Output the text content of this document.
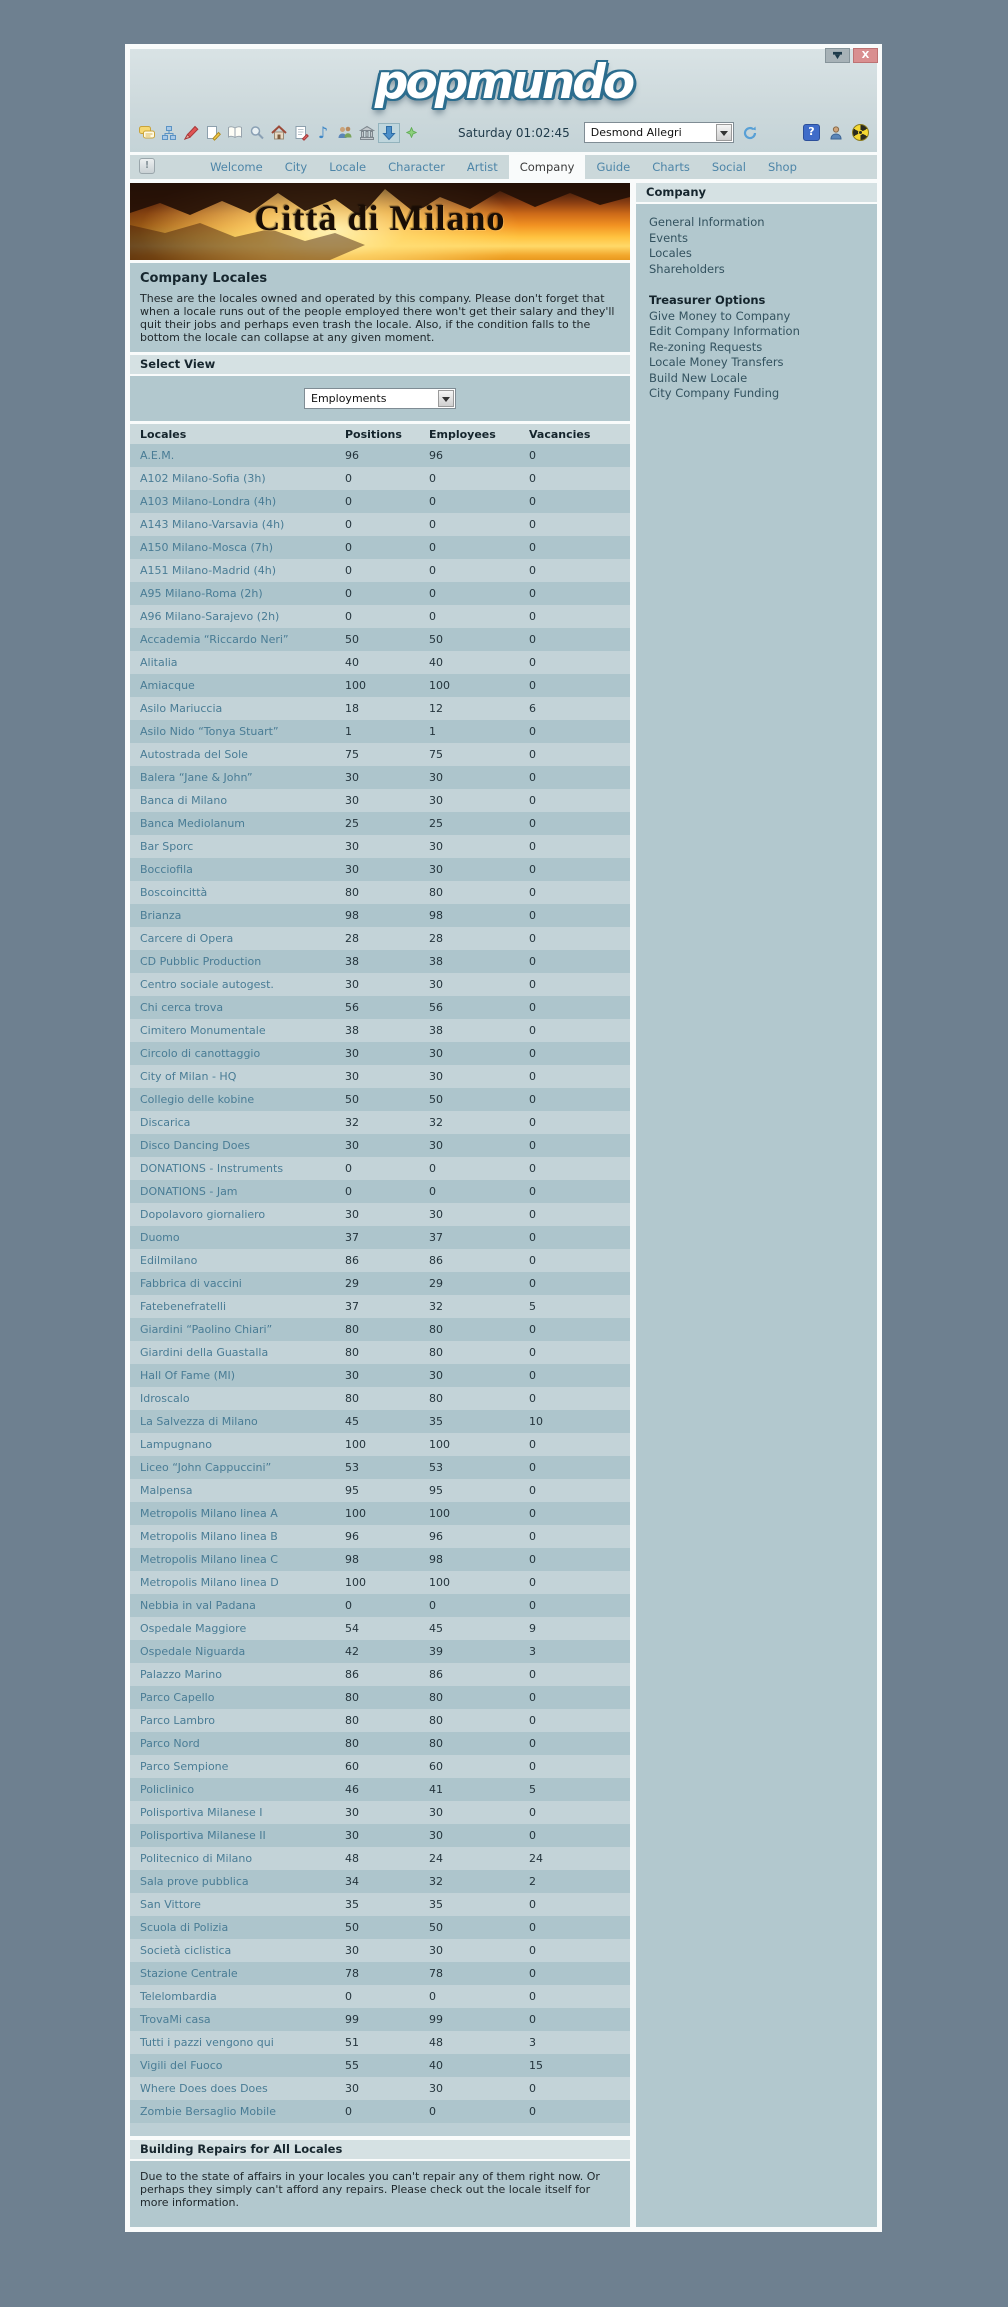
X
popmundo
♪	Saturday 01:02:45	Desmond Allegri	?
!	Welcome	City	Locale	Character	Artist	Company	Guide	Charts	Social	Shop
Città di Milano
Company Locales

These are the locales owned and operated by this company. Please don't forget that when a locale runs out of the people employed there won't get their salary and they'll quit their jobs and perhaps even trash the locale. Also, if the condition falls to the bottom the locale can collapse at any given moment.

Select View
Employments
Locales	Positions	Employees	Vacancies
A.E.M.	96	96	0
A102 Milano-Sofia (3h)	0	0	0
A103 Milano-Londra (4h)	0	0	0
A143 Milano-Varsavia (4h)	0	0	0
A150 Milano-Mosca (7h)	0	0	0
A151 Milano-Madrid (4h)	0	0	0
A95 Milano-Roma (2h)	0	0	0
A96 Milano-Sarajevo (2h)	0	0	0
Accademia “Riccardo Neri”	50	50	0
Alitalia	40	40	0
Amiacque	100	100	0
Asilo Mariuccia	18	12	6
Asilo Nido “Tonya Stuart”	1	1	0
Autostrada del Sole	75	75	0
Balera “Jane & John”	30	30	0
Banca di Milano	30	30	0
Banca Mediolanum	25	25	0
Bar Sporc	30	30	0
Bocciofila	30	30	0
Boscoincittà	80	80	0
Brianza	98	98	0
Carcere di Opera	28	28	0
CD Pubblic Production	38	38	0
Centro sociale autogest.	30	30	0
Chi cerca trova	56	56	0
Cimitero Monumentale	38	38	0
Circolo di canottaggio	30	30	0
City of Milan - HQ	30	30	0
Collegio delle kobine	50	50	0
Discarica	32	32	0
Disco Dancing Does	30	30	0
DONATIONS - Instruments	0	0	0
DONATIONS - Jam	0	0	0
Dopolavoro giornaliero	30	30	0
Duomo	37	37	0
Edilmilano	86	86	0
Fabbrica di vaccini	29	29	0
Fatebenefratelli	37	32	5
Giardini “Paolino Chiari”	80	80	0
Giardini della Guastalla	80	80	0
Hall Of Fame (MI)	30	30	0
Idroscalo	80	80	0
La Salvezza di Milano	45	35	10
Lampugnano	100	100	0
Liceo “John Cappuccini”	53	53	0
Malpensa	95	95	0
Metropolis Milano linea A	100	100	0
Metropolis Milano linea B	96	96	0
Metropolis Milano linea C	98	98	0
Metropolis Milano linea D	100	100	0
Nebbia in val Padana	0	0	0
Ospedale Maggiore	54	45	9
Ospedale Niguarda	42	39	3
Palazzo Marino	86	86	0
Parco Capello	80	80	0
Parco Lambro	80	80	0
Parco Nord	80	80	0
Parco Sempione	60	60	0
Policlinico	46	41	5
Polisportiva Milanese I	30	30	0
Polisportiva Milanese II	30	30	0
Politecnico di Milano	48	24	24
Sala prove pubblica	34	32	2
San Vittore	35	35	0
Scuola di Polizia	50	50	0
Società ciclistica	30	30	0
Stazione Centrale	78	78	0
Telelombardia	0	0	0
TrovaMi casa	99	99	0
Tutti i pazzi vengono qui	51	48	3
Vigili del Fuoco	55	40	15
Where Does does Does	30	30	0
Zombie Bersaglio Mobile	0	0	0
Building Repairs for All Locales

Due to the state of affairs in your locales you can't repair any of them right now. Or perhaps they simply can't afford any repairs. Please check out the locale itself for more information.

Company
General Information
Events
Locales
Shareholders
Treasurer Options
Give Money to Company
Edit Company Information
Re-zoning Requests
Locale Money Transfers
Build New Locale
City Company Funding
